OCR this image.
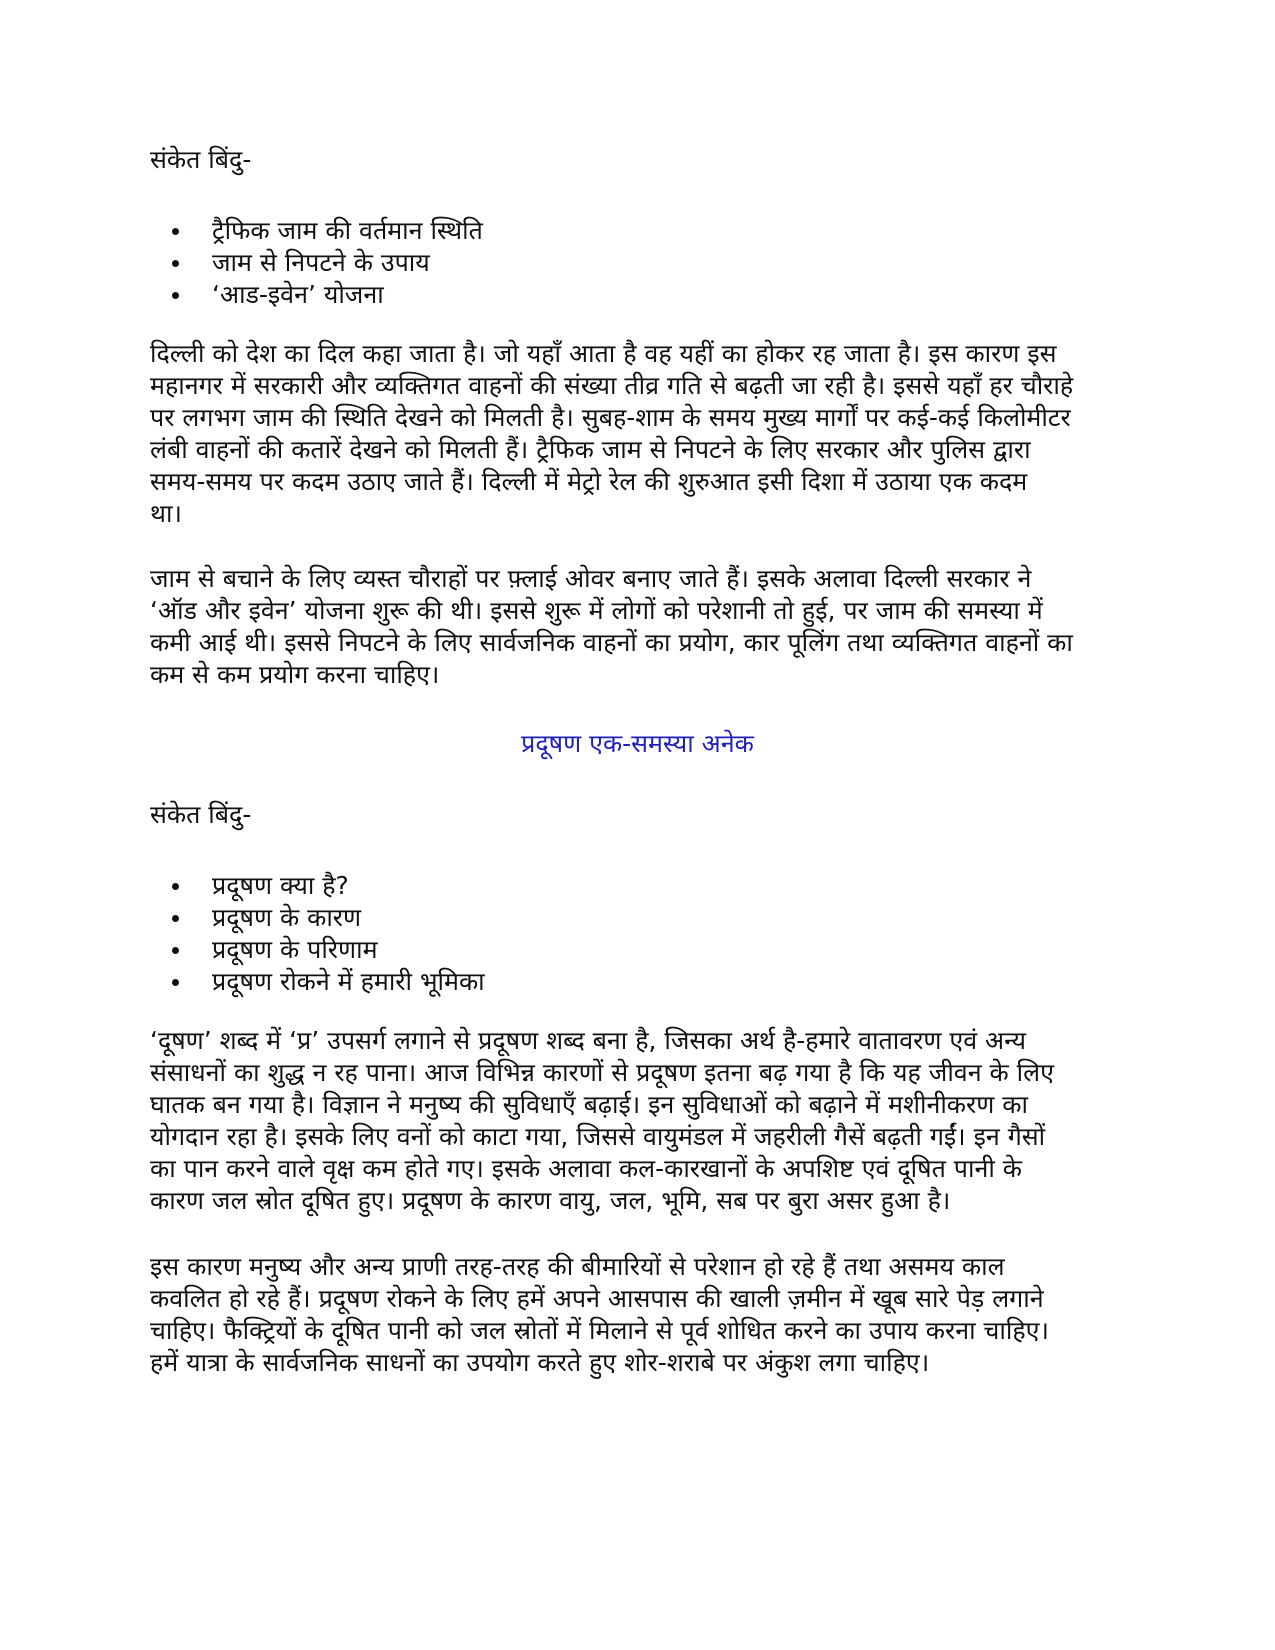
संकेत बिंदु-

ट्रैफिक जाम की वर्तमान स्थिति
जाम से निपटने के उपाय
‘आड-इवेन’ योजना
दिल्ली को देश का दिल कहा जाता है। जो यहाँ आता है वह यहीं का होकर रह जाता है। इस कारण इस
महानगर में सरकारी और व्यक्तिगत वाहनों की संख्या तीव्र गति से बढ़ती जा रही है। इससे यहाँ हर चौराहे
पर लगभग जाम की स्थिति देखने को मिलती है। सुबह-शाम के समय मुख्य मार्गों पर कई-कई किलोमीटर
लंबी वाहनों की कतारें देखने को मिलती हैं। ट्रैफिक जाम से निपटने के लिए सरकार और पुलिस द्वारा
समय-समय पर कदम उठाए जाते हैं। दिल्ली में मेट्रो रेल की शुरुआत इसी दिशा में उठाया एक कदम
था।
जाम से बचाने के लिए व्यस्त चौराहों पर फ़्लाई ओवर बनाए जाते हैं। इसके अलावा दिल्ली सरकार ने
‘ऑड और इवेन’ योजना शुरू की थी। इससे शुरू में लोगों को परेशानी तो हुई, पर जाम की समस्या में
कमी आई थी। इससे निपटने के लिए सार्वजनिक वाहनों का प्रयोग, कार पूलिंग तथा व्यक्तिगत वाहनों का
कम से कम प्रयोग करना चाहिए।

प्रदूषण एक-समस्या अनेक

संकेत बिंदु-

प्रदूषण क्या है?
प्रदूषण के कारण
प्रदूषण के परिणाम
प्रदूषण रोकने में हमारी भूमिका
‘दूषण’ शब्द में ‘प्र’ उपसर्ग लगाने से प्रदूषण शब्द बना है, जिसका अर्थ है-हमारे वातावरण एवं अन्य
संसाधनों का शुद्ध न रह पाना। आज विभिन्न कारणों से प्रदूषण इतना बढ़ गया है कि यह जीवन के लिए
घातक बन गया है। विज्ञान ने मनुष्य की सुविधाएँ बढ़ाई। इन सुविधाओं को बढ़ाने में मशीनीकरण का
योगदान रहा है। इसके लिए वनों को काटा गया, जिससे वायुमंडल में जहरीली गैसें बढ़ती गईं। इन गैसों
का पान करने वाले वृक्ष कम होते गए। इसके अलावा कल-कारखानों के अपशिष्ट एवं दूषित पानी के
कारण जल स्रोत दूषित हुए। प्रदूषण के कारण वायु, जल, भूमि, सब पर बुरा असर हुआ है।
इस कारण मनुष्य और अन्य प्राणी तरह-तरह की बीमारियों से परेशान हो रहे हैं तथा असमय काल
कवलित हो रहे हैं। प्रदूषण रोकने के लिए हमें अपने आसपास की खाली ज़मीन में खूब सारे पेड़ लगाने
चाहिए। फैक्ट्रियों के दूषित पानी को जल स्रोतों में मिलाने से पूर्व शोधित करने का उपाय करना चाहिए।
हमें यात्रा के सार्वजनिक साधनों का उपयोग करते हुए शोर-शराबे पर अंकुश लगा चाहिए।
